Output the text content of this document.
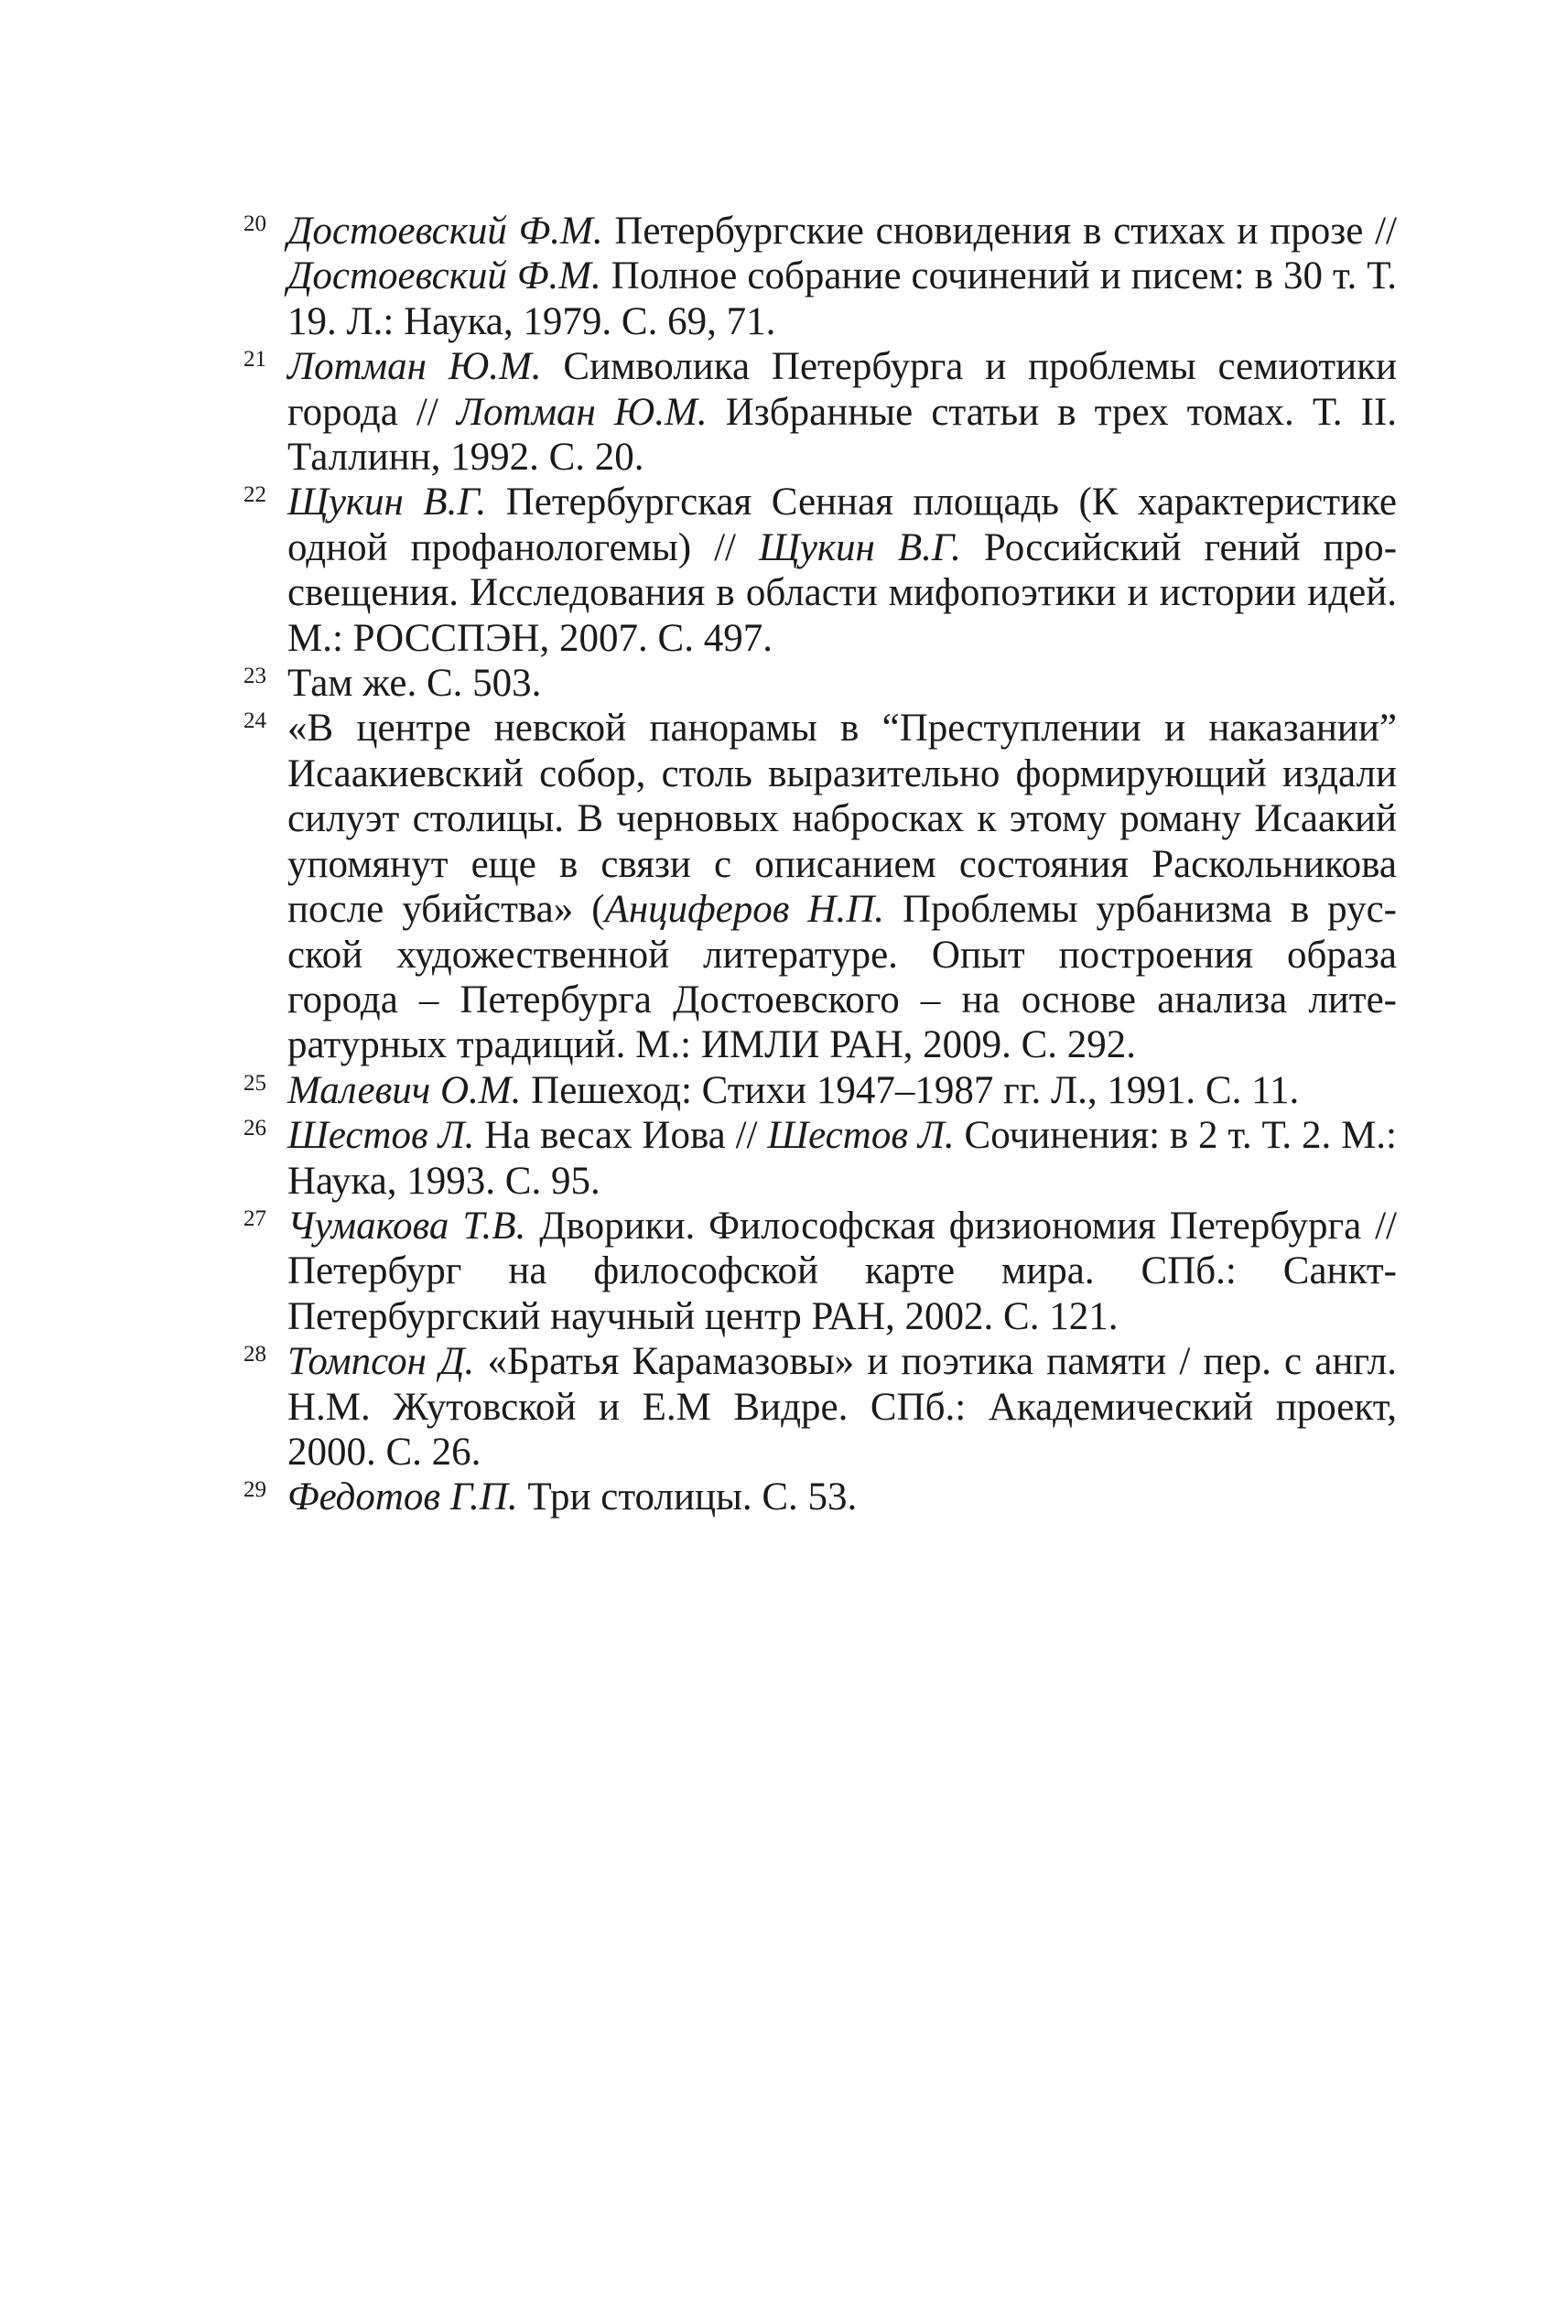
20 Достоевский Ф.М. Петербургские сновидения в стихах и прозе // Достоевский Ф.М. Полное собрание сочинений и писем: в 30 т. Т. 19. Л.: Наука, 1979. С. 69, 71.
21 Лотман Ю.М. Символика Петербурга и проблемы семиотики города // Лотман Ю.М. Избранные статьи в трех томах. Т. II. Таллинн, 1992. С. 20.
22 Щукин В.Г. Петербургская Сенная площадь (К характеристике одной профанологемы) // Щукин В.Г. Российский гений просвещения. Исследования в области мифопоэтики и истории идей. М.: РОССПЭН, 2007. С. 497.
23 Там же. С. 503.
24 «В центре невской панорамы в “Преступлении и наказании” Исаакиевский собор, столь выразительно формирующий издали силуэт столицы. В черновых набросках к этому роману Исаакий упомянут еще в связи с описанием состояния Раскольникова после убийства» (Анциферов Н.П. Проблемы урбанизма в русской художественной литературе. Опыт построения образа города – Петербурга Достоевского – на основе анализа литературных традиций. М.: ИМЛИ РАН, 2009. С. 292.
25 Малевич О.М. Пешеход: Стихи 1947–1987 гг. Л., 1991. С. 11.
26 Шестов Л. На весах Иова // Шестов Л. Сочинения: в 2 т. Т. 2. М.: Наука, 1993. С. 95.
27 Чумакова Т.В. Дворики. Философская физиономия Петербурга // Петербург на философской карте мира. СПб.: Санкт-Петербургский научный центр РАН, 2002. С. 121.
28 Томпсон Д. «Братья Карамазовы» и поэтика памяти / пер. с англ. Н.М. Жутовской и Е.М Видре. СПб.: Академический проект, 2000. С. 26.
29 Федотов Г.П. Три столицы. С. 53.
